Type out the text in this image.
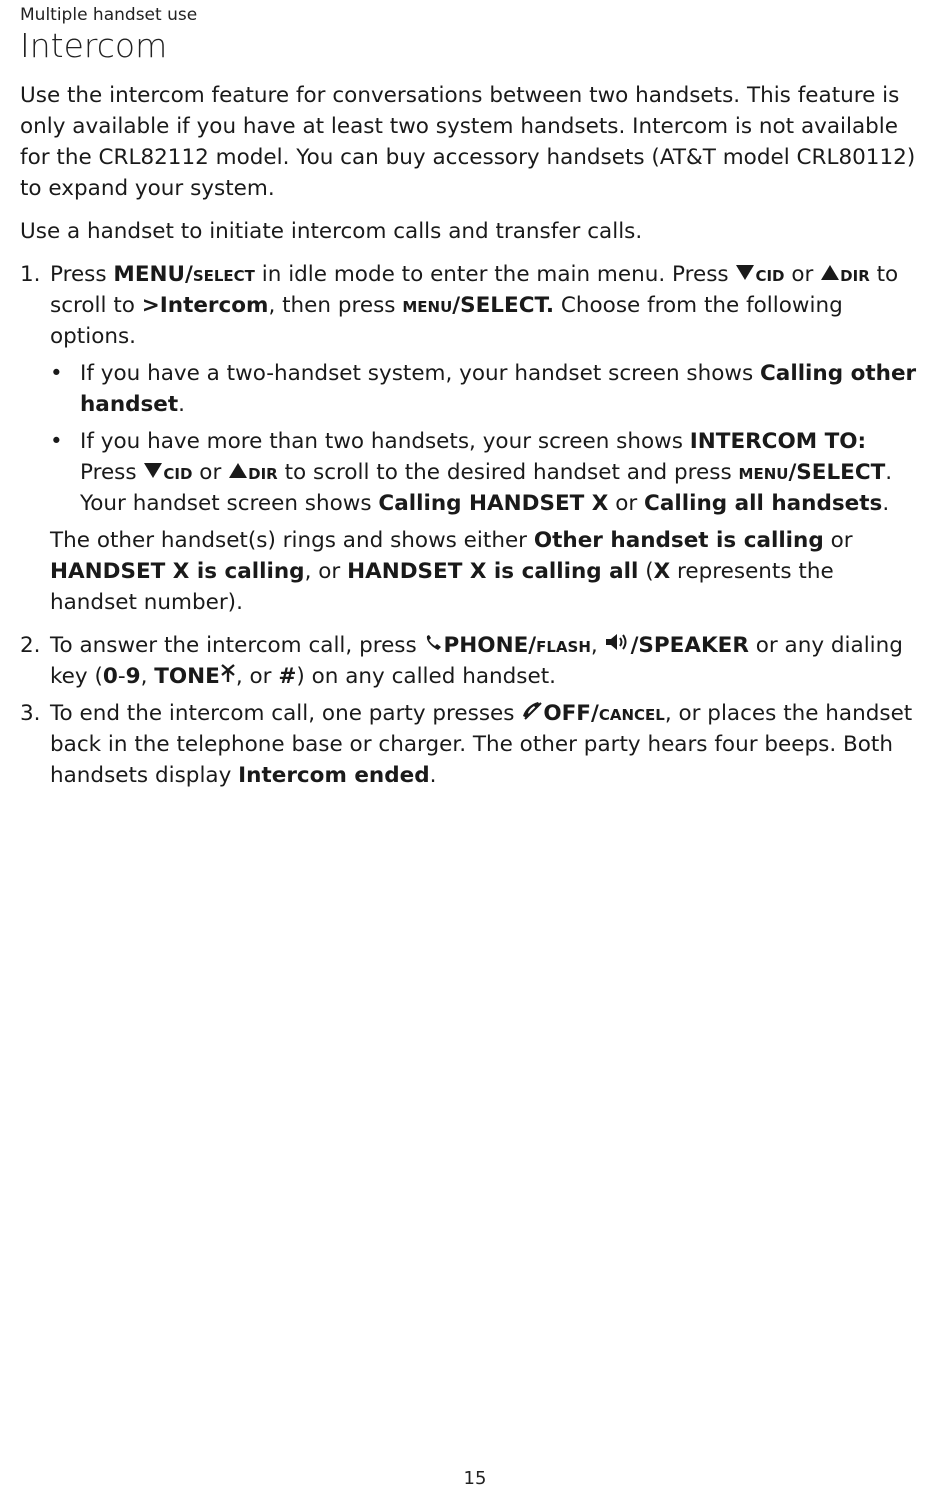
Multiple handset use

Intercom

Use the intercom feature for conversations between two handsets. This feature is only available if you have at least two system handsets. Intercom is not available for the CRL82112 model. You can buy accessory handsets (AT&T model CRL80112) to expand your system.

Use a handset to initiate intercom calls and transfer calls.

1. Press MENU/select in idle mode to enter the main menu. Press
cid or
dir to scroll to >Intercom, then press menu/SELECT. Choose from the following options.
• If you have a two-handset system, your handset screen shows Calling other handset.
• If you have more than two handsets, your screen shows INTERCOM TO: Press
cid or
dir to scroll to the desired handset and press menu/SELECT. Your handset screen shows Calling HANDSET X or Calling all handsets.

The other handset(s) rings and shows either Other handset is calling or HANDSET X is calling, or HANDSET X is calling all (X represents the handset number).

2. To answer the intercom call, press
PHONE/flash,
/SPEAKER or any dialing key (0-9, TONE , or #) on any called handset.
3. To end the intercom call, one party presses
OFF/cancel, or places the handset back in the telephone base or charger. The other party hears four beeps. Both handsets display Intercom ended.
15
